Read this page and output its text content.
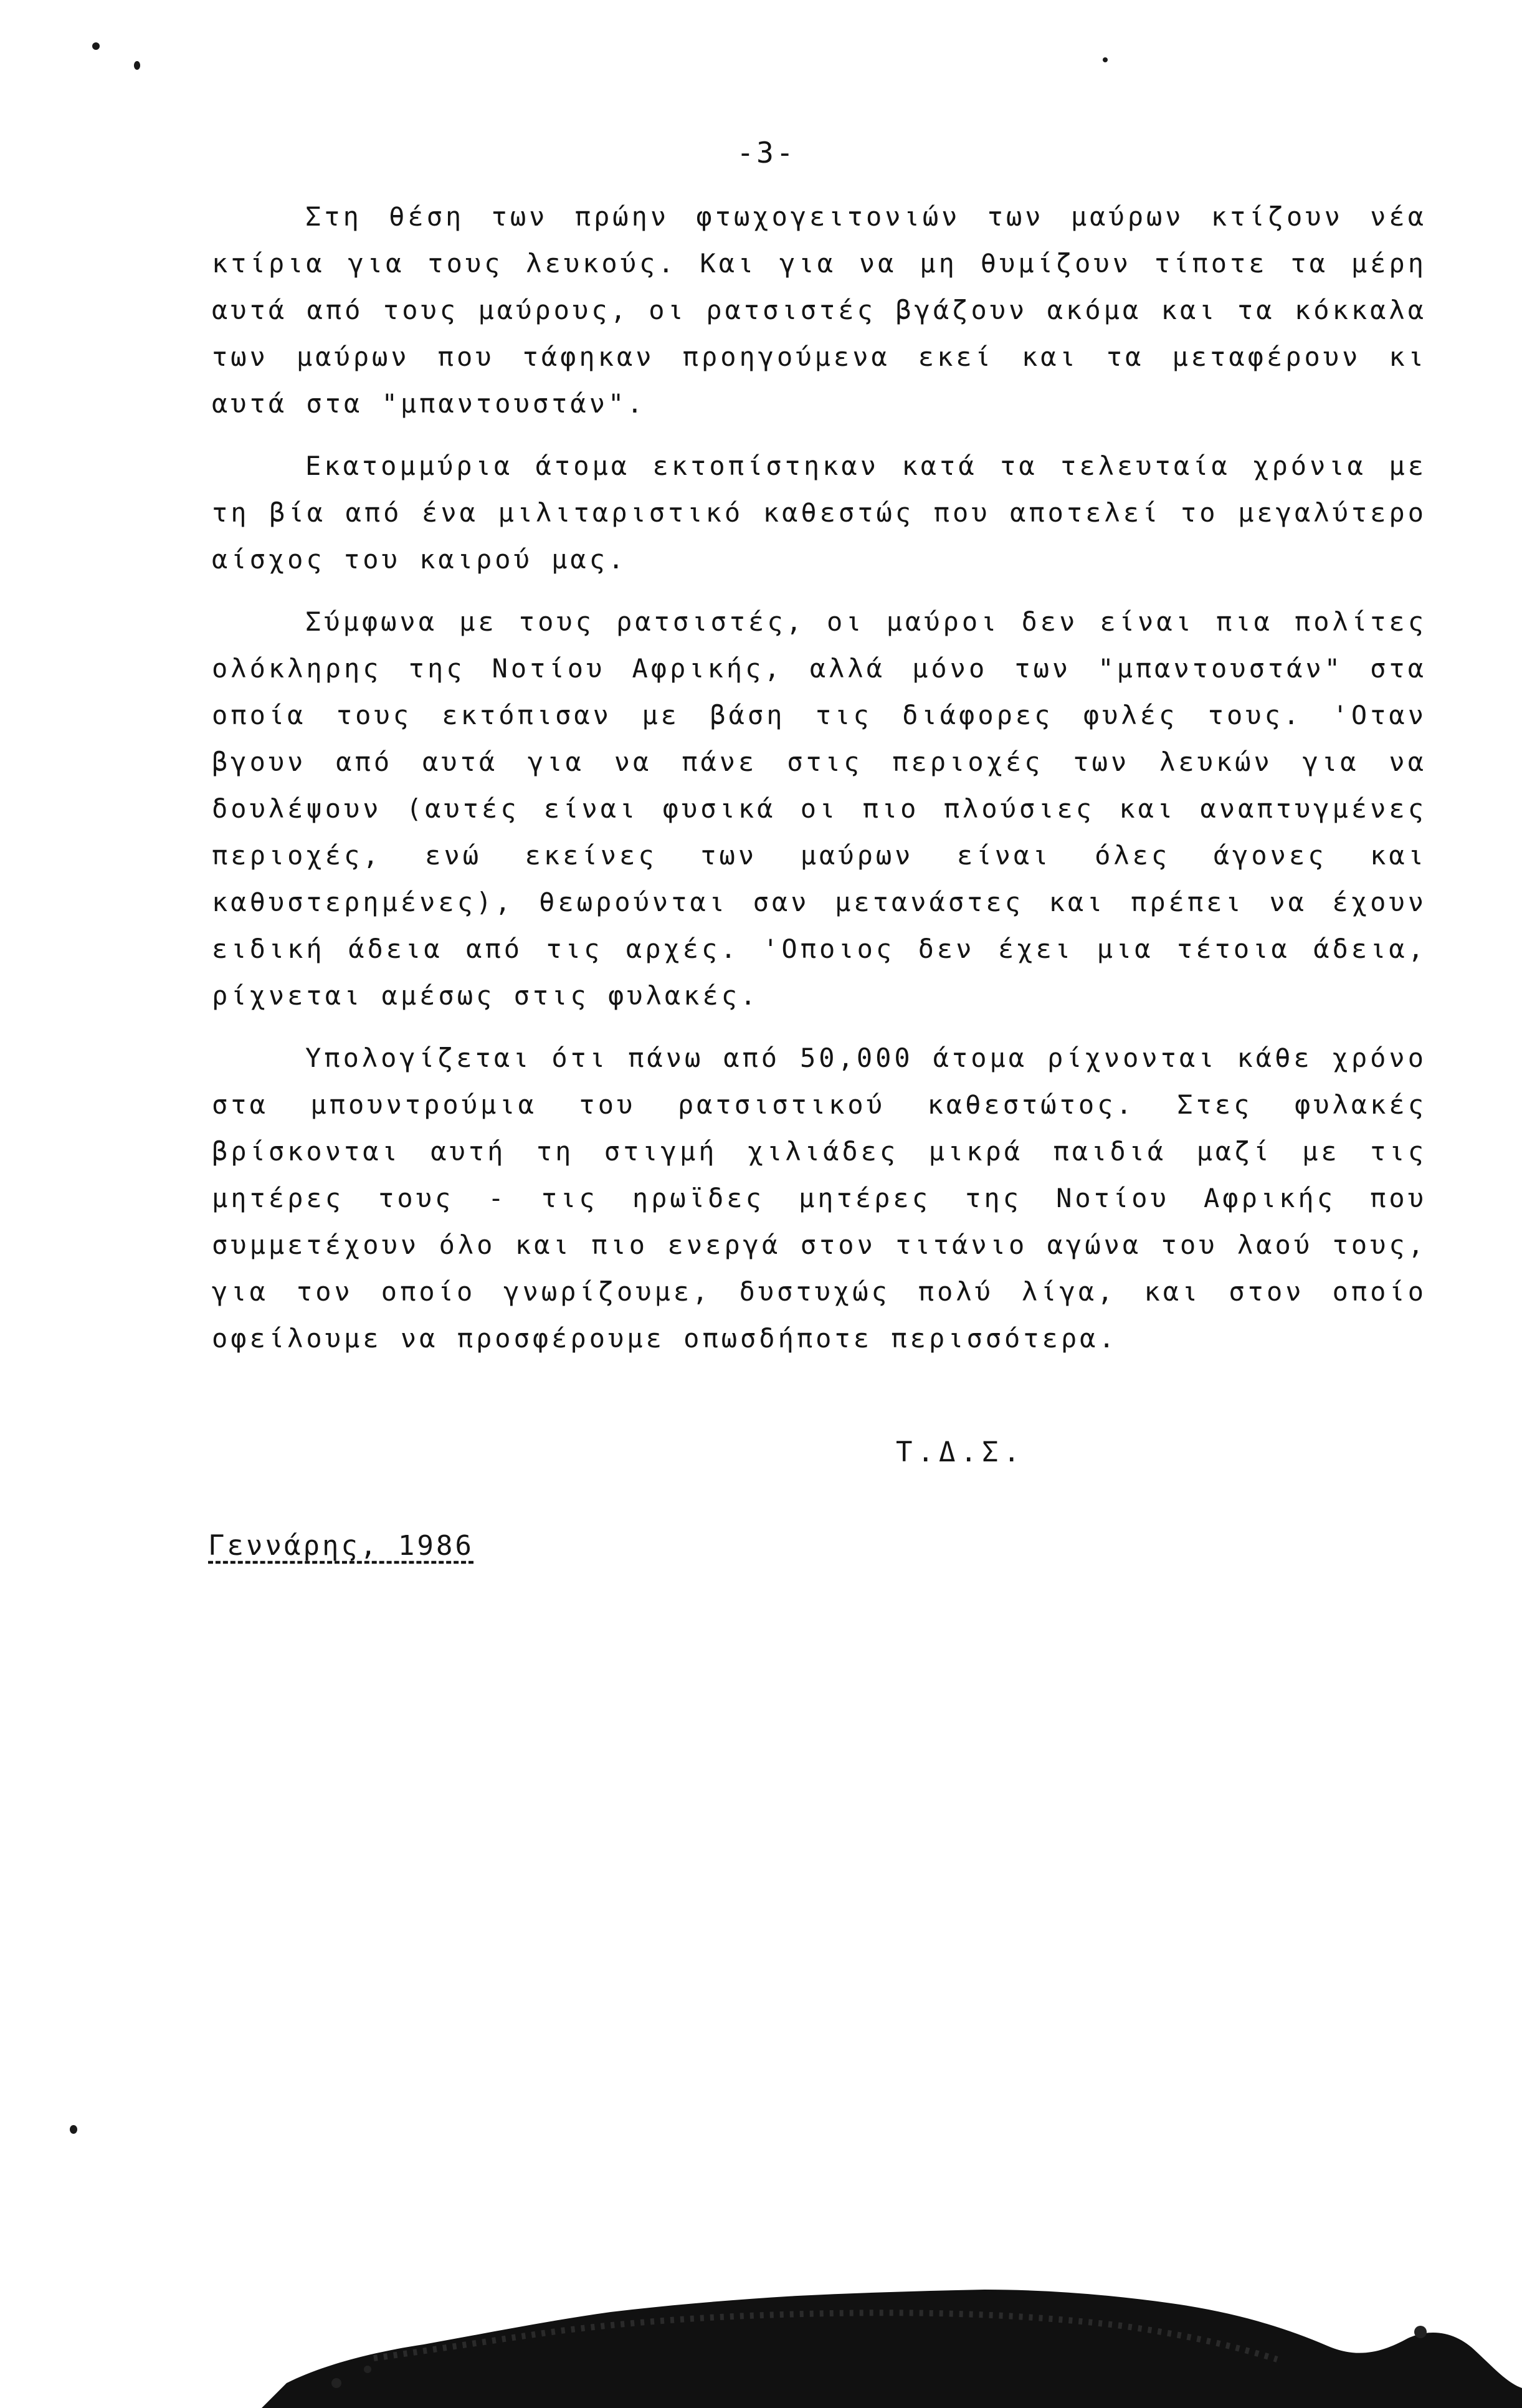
-3-

Στη θέση των πρώην φτωχογειτονιών των μαύρων κτίζουν νέα κτίρια για τους λευκούς. Και για να μη θυμίζουν τίποτε τα μέρη αυτά από τους μαύρους, οι ρατσιστές βγάζουν ακόμα και τα κόκκαλα των μαύρων που τάφηκαν προηγούμενα εκεί και τα μεταφέρουν κι αυτά στα "μπαντουστάν".

Εκατομμύρια άτομα εκτοπίστηκαν κατά τα τελευταία χρόνια με τη βία από ένα μιλιταριστικό καθεστώς που αποτελεί το μεγαλύτερο αίσχος του καιρού μας.

Σύμφωνα με τους ρατσιστές, οι μαύροι δεν είναι πια πολίτες ολόκληρης της Νοτίου Αφρικής, αλλά μόνο των "μπαντουστάν" στα οποία τους εκτόπισαν με βάση τις διάφορες φυλές τους. 'Οταν βγουν από αυτά για να πάνε στις περιοχές των λευκών για να δουλέψουν (αυτές είναι φυσικά οι πιο πλούσιες και αναπτυγμένες περιοχές, ενώ εκείνες των μαύρων είναι όλες άγονες και καθυστερημένες), θεωρούνται σαν μετανάστες και πρέπει να έχουν ειδική άδεια από τις αρχές. 'Οποιος δεν έχει μια τέτοια άδεια, ρίχνεται αμέσως στις φυλακές.

Υπολογίζεται ότι πάνω από 50,000 άτομα ρίχνονται κάθε χρόνο στα μπουντρούμια του ρατσιστικού καθεστώτος. Στες φυλακές βρίσκονται αυτή τη στιγμή χιλιάδες μικρά παιδιά μαζί με τις μητέρες τους - τις ηρωϊδες μητέρες της Νοτίου Αφρικής που συμμετέχουν όλο και πιο ενεργά στον τιτάνιο αγώνα του λαού τους, για τον οποίο γνωρίζουμε, δυστυχώς πολύ λίγα, και στον οποίο οφείλουμε να προσφέρουμε οπωσδήποτε περισσότερα.

Τ.Δ.Σ.
Γεννάρης, 1986
